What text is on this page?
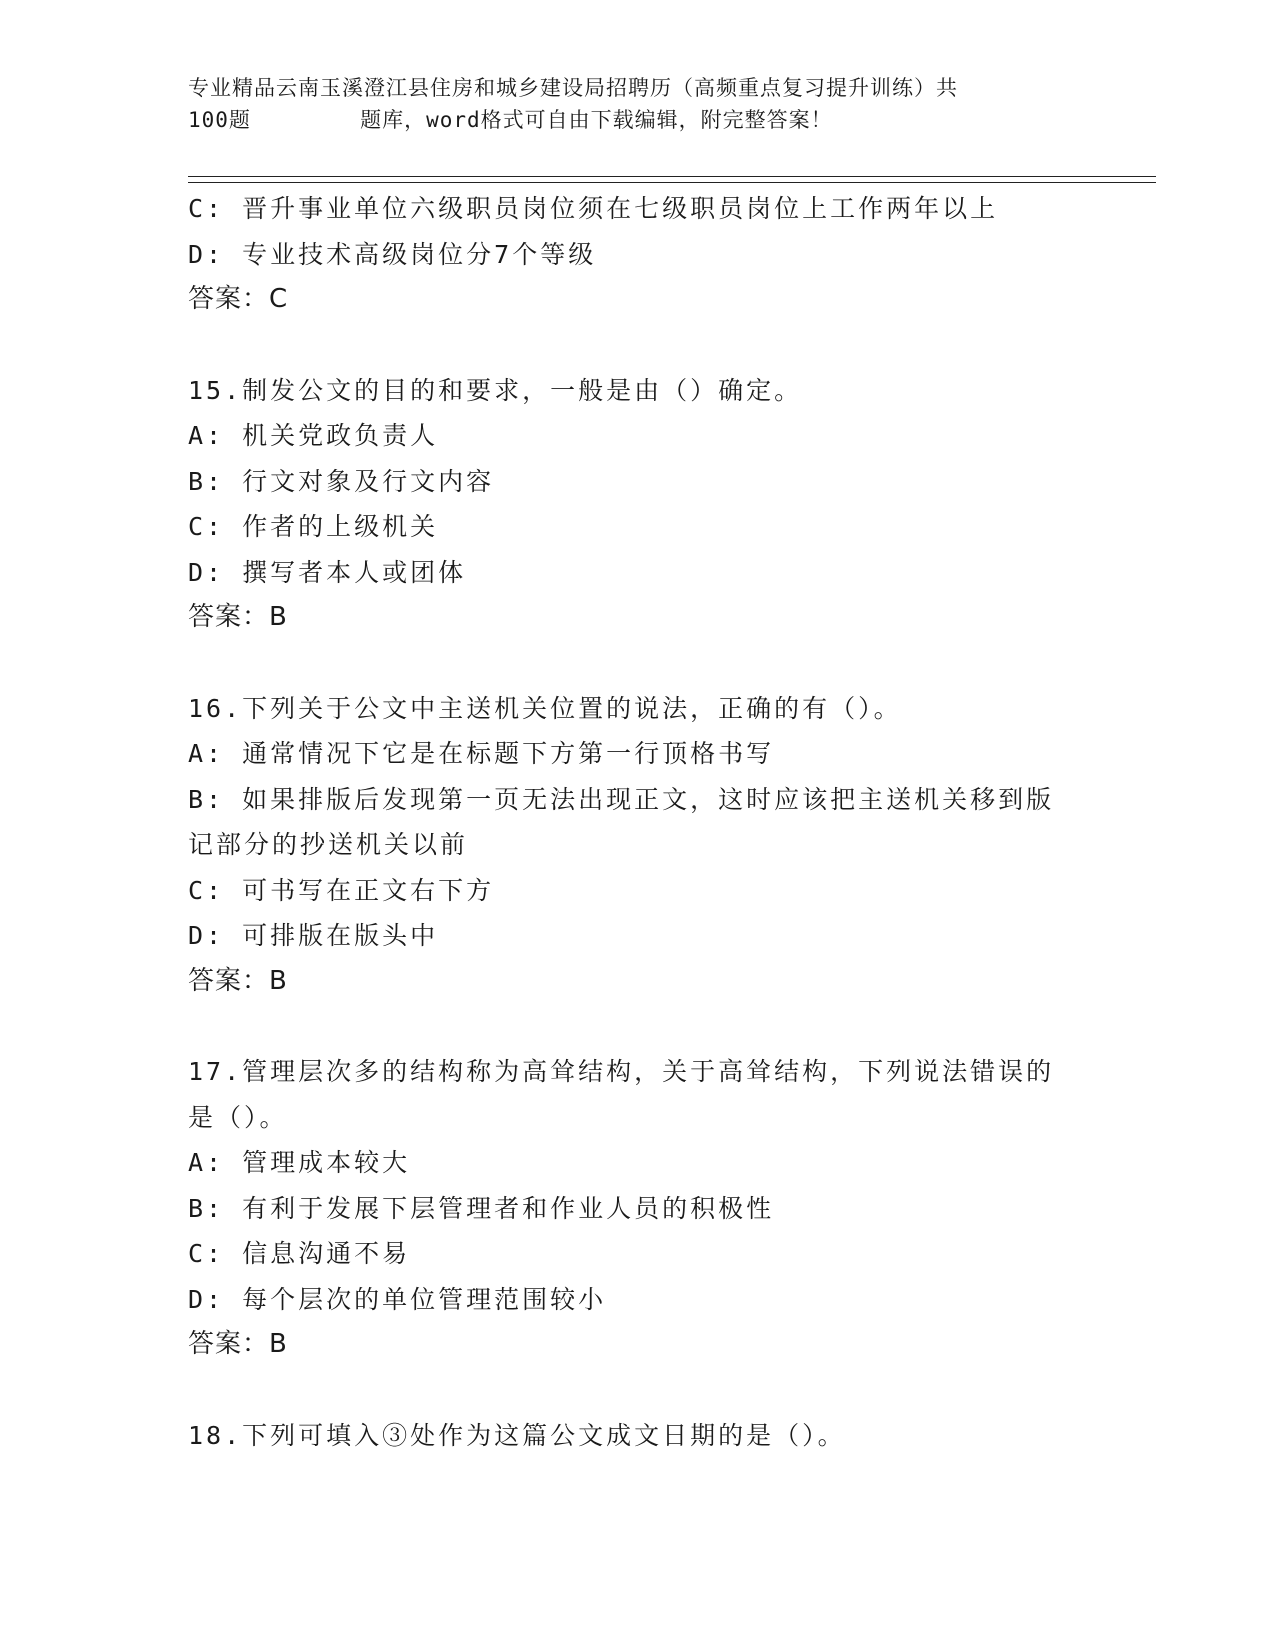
专业精品云南玉溪澄江县住房和城乡建设局招聘历（高频重点复习提升训练）共
100题        题库，word格式可自由下载编辑，附完整答案！
C: 晋升事业单位六级职员岗位须在七级职员岗位上工作两年以上
D: 专业技术高级岗位分7个等级
答案：C
15.制发公文的目的和要求，一般是由（）确定。
A: 机关党政负责人
B: 行文对象及行文内容
C: 作者的上级机关
D: 撰写者本人或团体
答案：B
16.下列关于公文中主送机关位置的说法，正确的有（）。
A: 通常情况下它是在标题下方第一行顶格书写
B: 如果排版后发现第一页无法出现正文，这时应该把主送机关移到版
记部分的抄送机关以前
C: 可书写在正文右下方
D: 可排版在版头中
答案：B
17.管理层次多的结构称为高耸结构，关于高耸结构，下列说法错误的
是（）。
A: 管理成本较大
B: 有利于发展下层管理者和作业人员的积极性
C: 信息沟通不易
D: 每个层次的单位管理范围较小
答案：B
18.下列可填入③处作为这篇公文成文日期的是（）。
